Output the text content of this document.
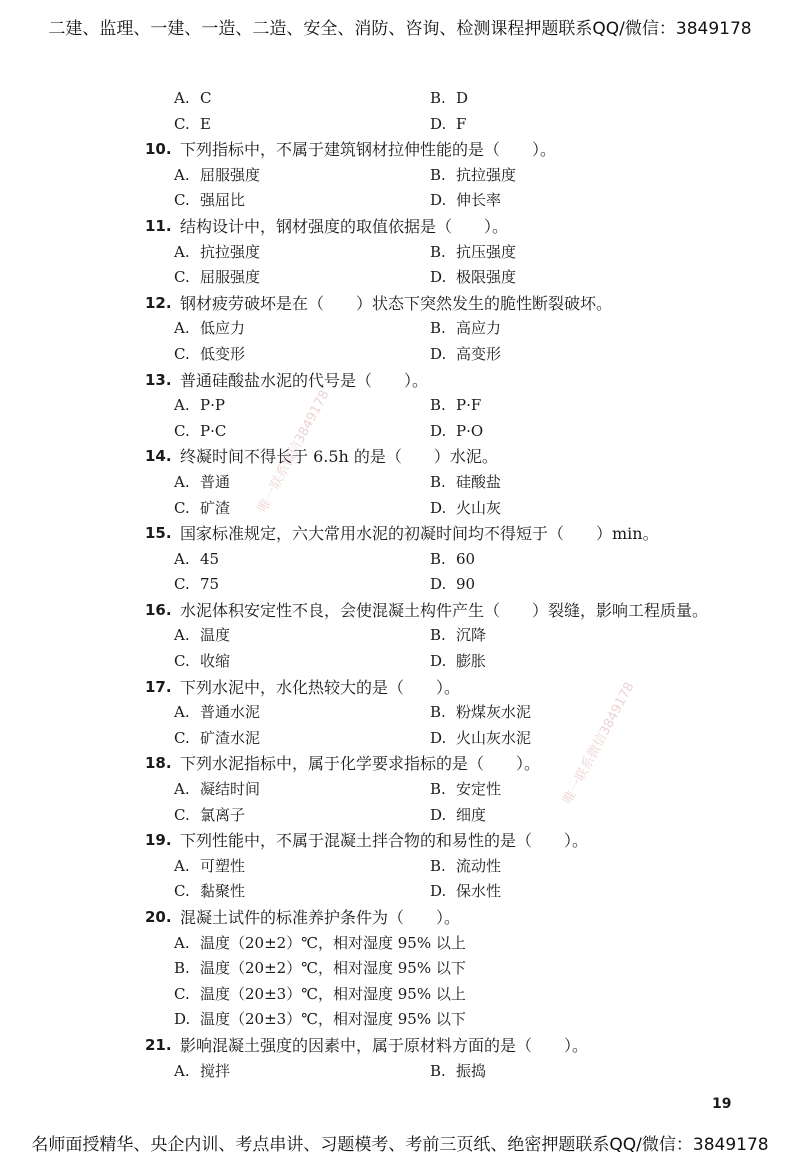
二建、监理、一建、一造、二造、安全、消防、咨询、检测课程押题联系QQ/微信：3849178
唯一联系微信3849178
唯一联系微信3849178
A. C	B. D
C. E	D. F
10. 下列指标中，不属于建筑钢材拉伸性能的是（　　）。
A. 屈服强度	B. 抗拉强度
C. 强屈比	D. 伸长率
11. 结构设计中，钢材强度的取值依据是（　　）。
A. 抗拉强度	B. 抗压强度
C. 屈服强度	D. 极限强度
12. 钢材疲劳破坏是在（　　）状态下突然发生的脆性断裂破坏。
A. 低应力	B. 高应力
C. 低变形	D. 高变形
13. 普通硅酸盐水泥的代号是（　　）。
A. P·P	B. P·F
C. P·C	D. P·O
14. 终凝时间不得长于 6.5h 的是（　　）水泥。
A. 普通	B. 硅酸盐
C. 矿渣	D. 火山灰
15. 国家标准规定，六大常用水泥的初凝时间均不得短于（　　）min。
A. 45	B. 60
C. 75	D. 90
16. 水泥体积安定性不良，会使混凝土构件产生（　　）裂缝，影响工程质量。
A. 温度	B. 沉降
C. 收缩	D. 膨胀
17. 下列水泥中，水化热较大的是（　　）。
A. 普通水泥	B. 粉煤灰水泥
C. 矿渣水泥	D. 火山灰水泥
18. 下列水泥指标中，属于化学要求指标的是（　　）。
A. 凝结时间	B. 安定性
C. 氯离子	D. 细度
19. 下列性能中，不属于混凝土拌合物的和易性的是（　　）。
A. 可塑性	B. 流动性
C. 黏聚性	D. 保水性
20. 混凝土试件的标准养护条件为（　　）。
A. 温度（20±2）℃，相对湿度 95% 以上
B. 温度（20±2）℃，相对湿度 95% 以下
C. 温度（20±3）℃，相对湿度 95% 以上
D. 温度（20±3）℃，相对湿度 95% 以下
21. 影响混凝土强度的因素中，属于原材料方面的是（　　）。
A. 搅拌	B. 振捣
19
名师面授精华、央企内训、考点串讲、习题模考、考前三页纸、绝密押题联系QQ/微信：3849178
